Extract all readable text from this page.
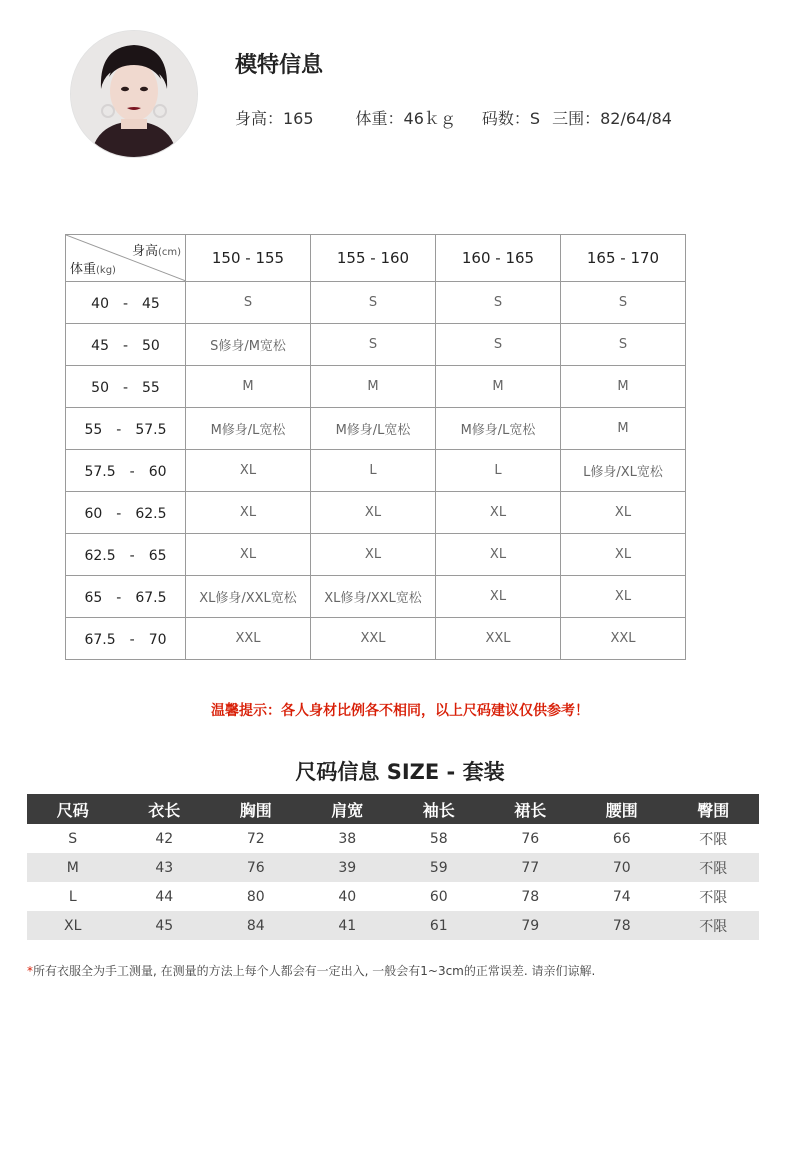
模特信息
身高：165	体重：46ｋｇ 码数：S 三围：82/64/84
身高(cm)
体重(kg)	150 - 155	155 - 160	160 - 165	165 - 170
40　-　45	S	S	S	S
45　-　50	S修身/M宽松	S	S	S
50　-　55	M	M	M	M
55　-　57.5	M修身/L宽松	M修身/L宽松	M修身/L宽松	M
57.5　-　60	XL	L	L	L修身/XL宽松
60　-　62.5	XL	XL	XL	XL
62.5　-　65	XL	XL	XL	XL
65　-　67.5	XL修身/XXL宽松	XL修身/XXL宽松	XL	XL
67.5　-　70	XXL	XXL	XXL	XXL
温馨提示：各人身材比例各不相同，以上尺码建议仅供参考！
尺码信息 SIZE - 套装
尺码	衣长	胸围	肩宽	袖长	裙长	腰围	臀围
S	42	72	38	58	76	66	不限
M	43	76	39	59	77	70	不限
L	44	80	40	60	78	74	不限
XL	45	84	41	61	79	78	不限
*所有衣服全为手工测量, 在测量的方法上每个人都会有一定出入, 一般会有1~3cm的正常误差. 请亲们谅解.
